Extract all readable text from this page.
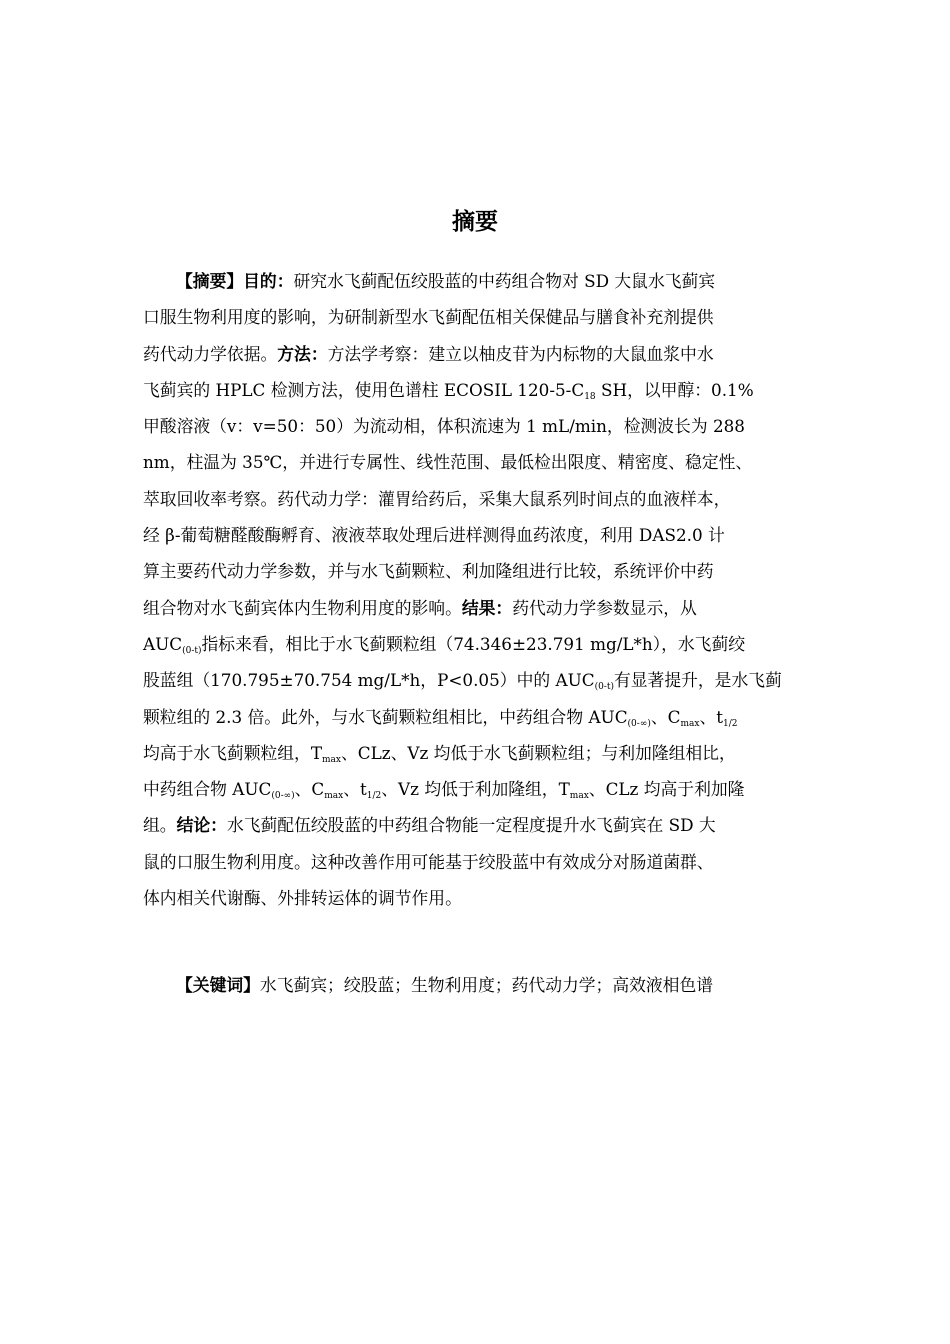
摘要
【摘要】目的：研究水飞蓟配伍绞股蓝的中药组合物对 SD 大鼠水飞蓟宾
口服生物利用度的影响，为研制新型水飞蓟配伍相关保健品与膳食补充剂提供
药代动力学依据。方法：方法学考察：建立以柚皮苷为内标物的大鼠血浆中水
飞蓟宾的 HPLC 检测方法，使用色谱柱 ECOSIL $120-5-C_{18}$ SH，以甲醇：0.1%
甲酸溶液（v：v=50：50）为流动相，体积流速为 1 mL/min，检测波长为 288
nm，柱温为 35℃，并进行专属性、线性范围、最低检出限度、精密度、稳定性、
萃取回收率考察。药代动力学：灌胃给药后，采集大鼠系列时间点的血液样本，
经 β-葡萄糖醛酸酶孵育、液液萃取处理后进样测得血药浓度，利用 DAS2.0 计
算主要药代动力学参数，并与水飞蓟颗粒、利加隆组进行比较，系统评价中药
组合物对水飞蓟宾体内生物利用度的影响。结果：药代动力学参数显示，从
$AUC_{(0-t)}$指标来看，相比于水飞蓟颗粒组（74.346±23.791 mg/L*h），水飞蓟绞
股蓝组（170.795±70.754 mg/L*h，P<0.05）中的 $AUC_{(0-t)}$有显著提升，是水飞蓟
颗粒组的 2.3 倍。此外，与水飞蓟颗粒组相比，中药组合物 $AUC_{(0-\infty)}$、$C_{max}$、$t_{1/2}$
均高于水飞蓟颗粒组，$T_{max}$、CLz、Vz 均低于水飞蓟颗粒组；与利加隆组相比，
中药组合物 $AUC_{(0-\infty)}$、$C_{max}$、$t_{1/2}$、Vz 均低于利加隆组，$T_{max}$、CLz 均高于利加隆
组。结论：水飞蓟配伍绞股蓝的中药组合物能一定程度提升水飞蓟宾在 SD 大
鼠的口服生物利用度。这种改善作用可能基于绞股蓝中有效成分对肠道菌群、
体内相关代谢酶、外排转运体的调节作用。
【关键词】水飞蓟宾；绞股蓝；生物利用度；药代动力学；高效液相色谱
